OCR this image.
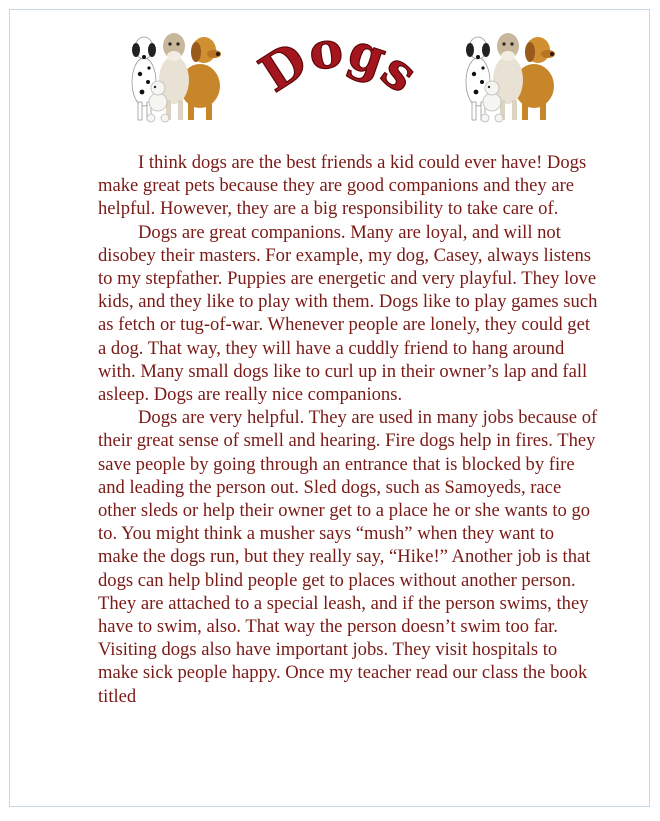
Dogs

I think dogs are the best friends a kid could ever have! Dogs make great pets because they are good companions and they are helpful. However, they are a big responsibility to take care of.

Dogs are great companions. Many are loyal, and will not disobey their masters. For example, my dog, Casey, always listens to my stepfather. Puppies are energetic and very playful. They love kids, and they like to play with them. Dogs like to play games such as fetch or tug-of-war. Whenever people are lonely, they could get a dog. That way, they will have a cuddly friend to hang around with. Many small dogs like to curl up in their owner’s lap and fall asleep. Dogs are really nice companions.

Dogs are very helpful. They are used in many jobs because of their great sense of smell and hearing. Fire dogs help in fires. They save people by going through an entrance that is blocked by fire and leading the person out. Sled dogs, such as Samoyeds, race other sleds or help their owner get to a place he or she wants to go to. You might think a musher says “mush” when they want to make the dogs run, but they really say, “Hike!” Another job is that dogs can help blind people get to places without another person. They are attached to a special leash, and if the person swims, they have to swim, also. That way the person doesn’t swim too far. Visiting dogs also have important jobs. They visit hospitals to make sick people happy. Once my teacher read our class the book titled
